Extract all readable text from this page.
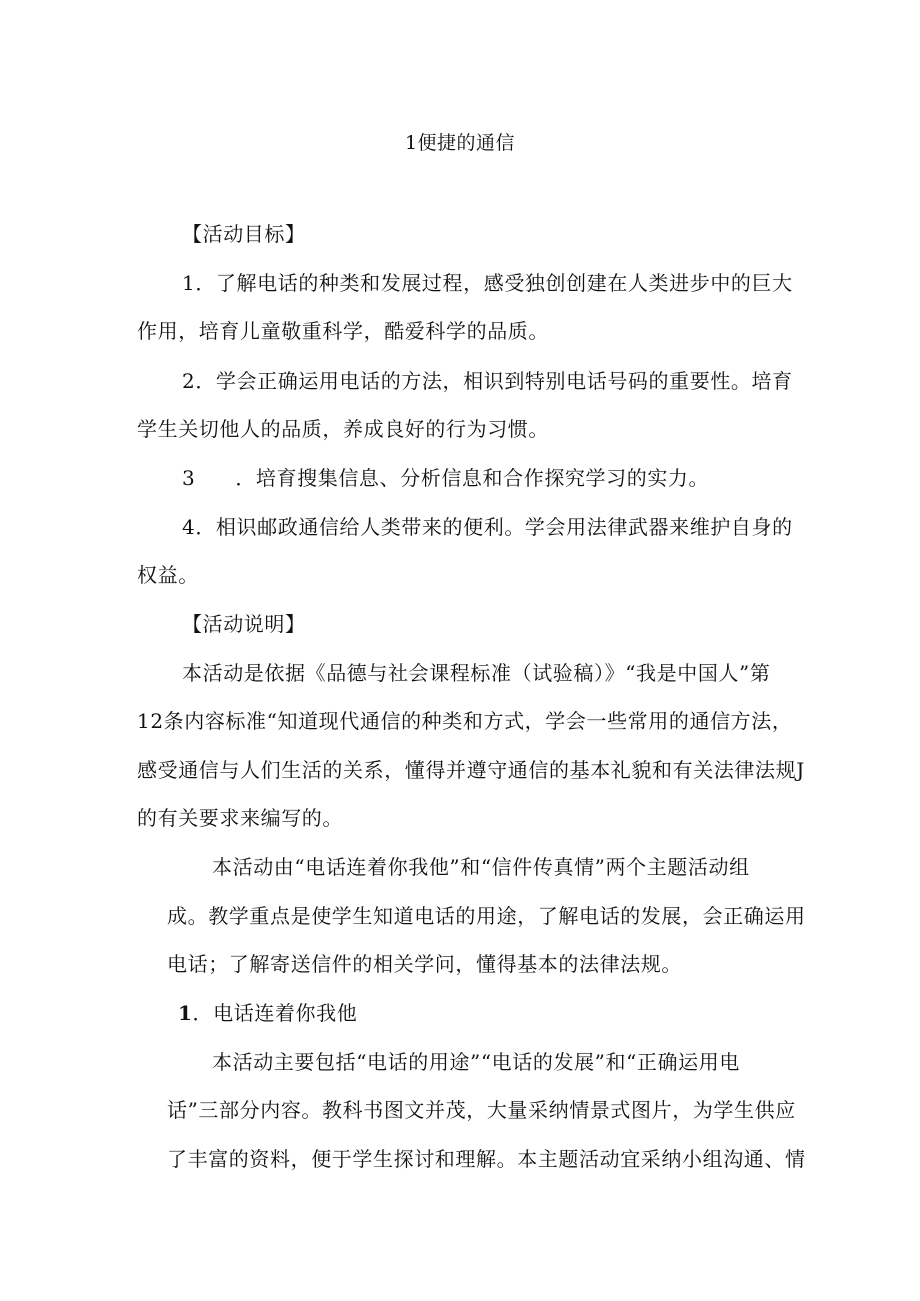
1便捷的通信
【活动目标】
1．了解电话的种类和发展过程，感受独创创建在人类进步中的巨大
作用，培育儿童敬重科学，酷爱科学的品质。
2．学会正确运用电话的方法，相识到特别电话号码的重要性。培育
学生关切他人的品质，养成良好的行为习惯。
3 ．培育搜集信息、分析信息和合作探究学习的实力。
4．相识邮政通信给人类带来的便利。学会用法律武器来维护自身的
权益。
【活动说明】
本活动是依据《品德与社会课程标准（试验稿）》“我是中国人”第
12条内容标准“知道现代通信的种类和方式，学会一些常用的通信方法，
感受通信与人们生活的关系，懂得并遵守通信的基本礼貌和有关法律法规J
的有关要求来编写的。
本活动由“电话连着你我他”和“信件传真情”两个主题活动组
成。教学重点是使学生知道电话的用途，了解电话的发展，会正确运用
电话；了解寄送信件的相关学问，懂得基本的法律法规。
1．电话连着你我他
本活动主要包括“电话的用途”“电话的发展”和“正确运用电
话”三部分内容。教科书图文并茂，大量采纳情景式图片，为学生供应
了丰富的资料，便于学生探讨和理解。本主题活动宜采纳小组沟通、情
